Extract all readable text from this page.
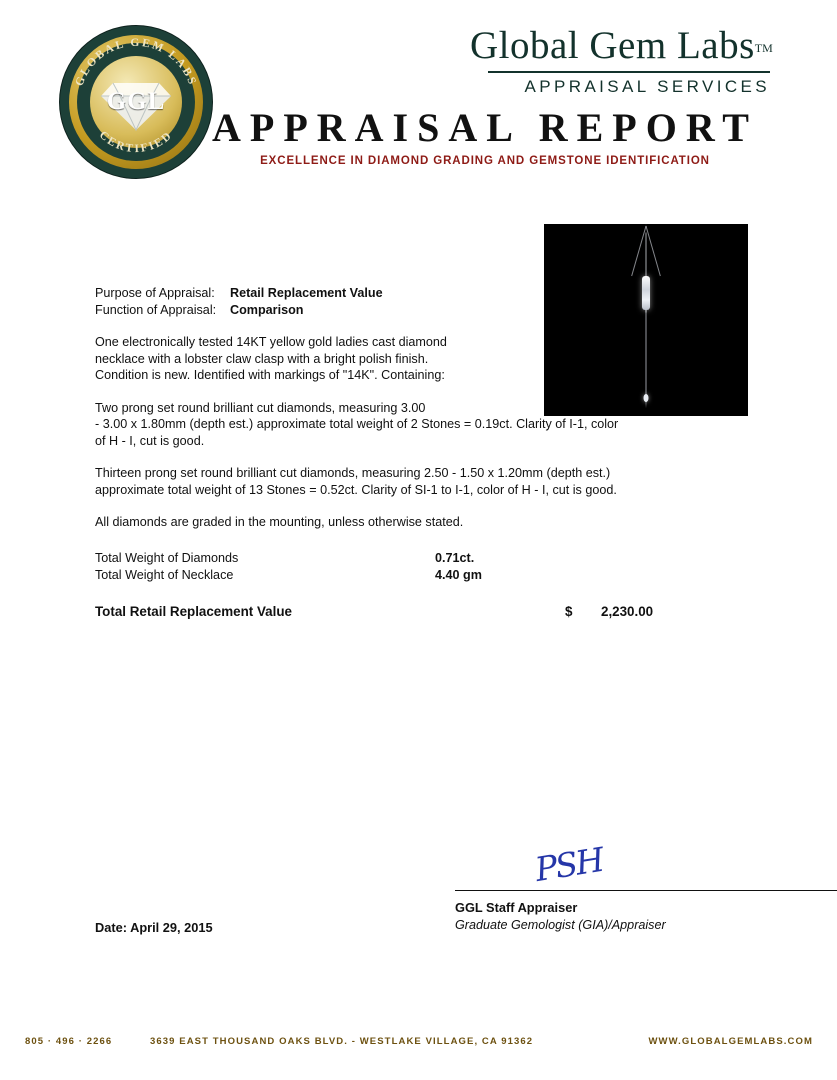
GGL
GLOBAL GEM LABS
CERTIFIED
Global Gem Labs™
APPRAISAL SERVICES
APPRAISAL REPORT
EXCELLENCE IN DIAMOND GRADING AND GEMSTONE IDENTIFICATION
Purpose of Appraisal:	Retail Replacement Value
Function of Appraisal:	Comparison
One electronically tested 14KT yellow gold ladies cast diamond
necklace with a lobster claw clasp with a bright polish finish.
Condition is new. Identified with markings of "14K". Containing:
Two prong set round brilliant cut diamonds, measuring 3.00
- 3.00 x 1.80mm (depth est.) approximate total weight of 2 Stones = 0.19ct. Clarity of I-1, color
of H - I, cut is good.
Thirteen prong set round brilliant cut diamonds, measuring 2.50 - 1.50 x 1.20mm (depth est.)
approximate total weight of 13 Stones = 0.52ct. Clarity of SI-1 to I-1, color of H - I, cut is good.
All diamonds are graded in the mounting, unless otherwise stated.
Total Weight of Diamonds	0.71ct.
Total Weight of Necklace	4.40 gm
Total Retail Replacement Value	$	2,230.00
PSH
Date: April 29, 2015
GGL Staff Appraiser
Graduate Gemologist (GIA)/Appraiser
805 · 496 · 2266	3639 EAST THOUSAND OAKS BLVD. - WESTLAKE VILLAGE, CA 91362	WWW.GLOBALGEMLABS.COM
